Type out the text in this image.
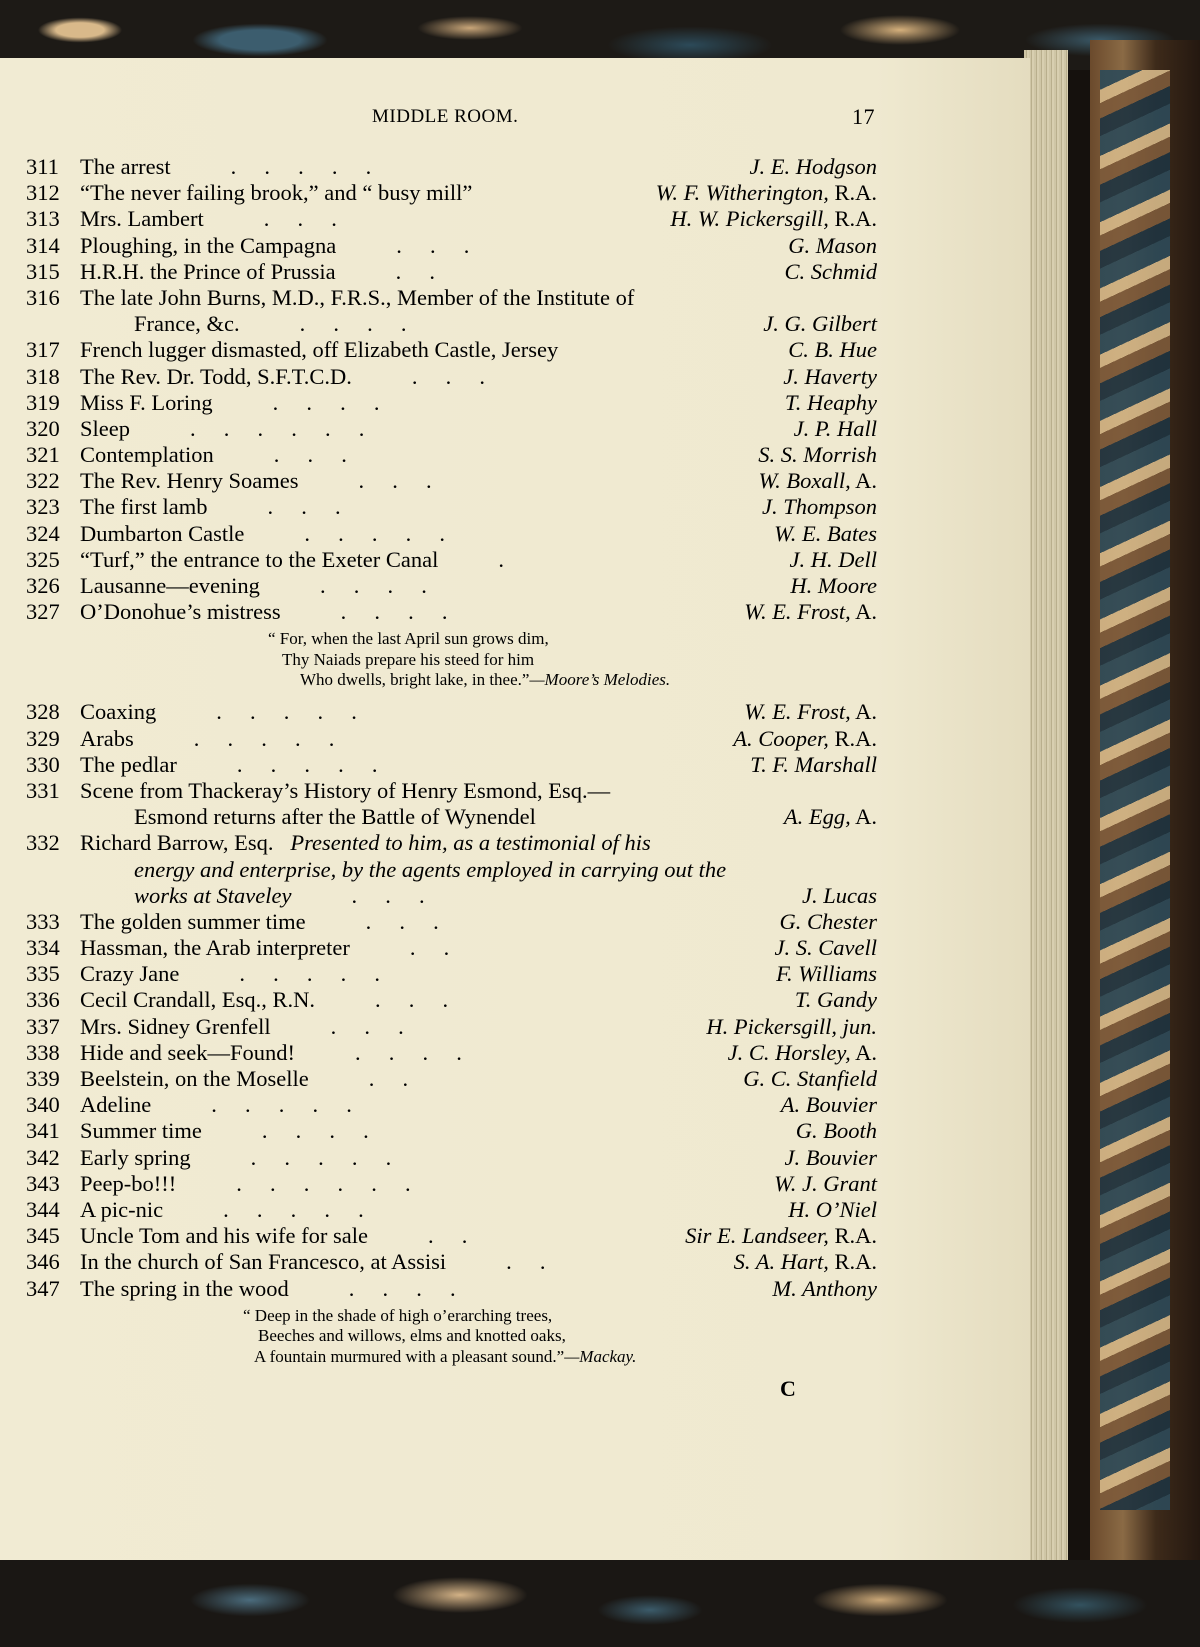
MIDDLE ROOM.	17
311 The arrest	.     .     .     .     .	J. E. Hodgson
312 “The never failing brook,” and “ busy mill”	W. F. Witherington, R.A.
313 Mrs. Lambert	.     .     .	H. W. Pickersgill, R.A.
314 Ploughing, in the Campagna	.     .     .	G. Mason
315 H.R.H. the Prince of Prussia	.     .	C. Schmid
316 The late John Burns, M.D., F.R.S., Member of the Institute of
France, &c.	.     .     .     .	J. G. Gilbert
317 French lugger dismasted, off Elizabeth Castle, Jersey	C. B. Hue
318 The Rev. Dr. Todd, S.F.T.C.D.	.     .     .	J. Haverty
319 Miss F. Loring	.     .     .     .	T. Heaphy
320 Sleep	.     .     .     .     .     .	J. P. Hall
321 Contemplation	.     .     .	S. S. Morrish
322 The Rev. Henry Soames	.     .     .	W. Boxall, A.
323 The first lamb	.     .     .	J. Thompson
324 Dumbarton Castle	.     .     .     .     .	W. E. Bates
325 “Turf,” the entrance to the Exeter Canal	.	J. H. Dell
326 Lausanne—evening	.     .     .     .	H. Moore
327 O’Donohue’s mistress	.     .     .     .	W. E. Frost, A.
“ For, when the last April sun grows dim,
Thy Naiads prepare his steed for him
Who dwells, bright lake, in thee.”—Moore’s Melodies.
328 Coaxing	.     .     .     .     .	W. E. Frost, A.
329 Arabs	.     .     .     .     .	A. Cooper, R.A.
330 The pedlar	.     .     .     .     .	T. F. Marshall
331 Scene from Thackeray’s History of Henry Esmond, Esq.—
Esmond returns after the Battle of Wynendel	A. Egg, A.
332 Richard Barrow, Esq. Presented to him, as a testimonial of his
energy and enterprise, by the agents employed in carrying out the
works at Staveley	.     .     .	J. Lucas
333 The golden summer time	.     .     .	G. Chester
334 Hassman, the Arab interpreter	.     .	J. S. Cavell
335 Crazy Jane	.     .     .     .     .	F. Williams
336 Cecil Crandall, Esq., R.N.	.     .     .	T. Gandy
337 Mrs. Sidney Grenfell	.     .     .	H. Pickersgill, jun.
338 Hide and seek—Found!	.     .     .     .	J. C. Horsley, A.
339 Beelstein, on the Moselle	.     .	G. C. Stanfield
340 Adeline	.     .     .     .     .	A. Bouvier
341 Summer time	.     .     .     .	G. Booth
342 Early spring	.     .     .     .     .	J. Bouvier
343 Peep-bo!!!	.     .     .     .     .     .	W. J. Grant
344 A pic-nic	.     .     .     .     .	H. O’Niel
345 Uncle Tom and his wife for sale	.     .	Sir E. Landseer, R.A.
346 In the church of San Francesco, at Assisi	.     .	S. A. Hart, R.A.
347 The spring in the wood	.     .     .     .	M. Anthony
“ Deep in the shade of high o’erarching trees,
Beeches and willows, elms and knotted oaks,
A fountain murmured with a pleasant sound.”—Mackay.
C
